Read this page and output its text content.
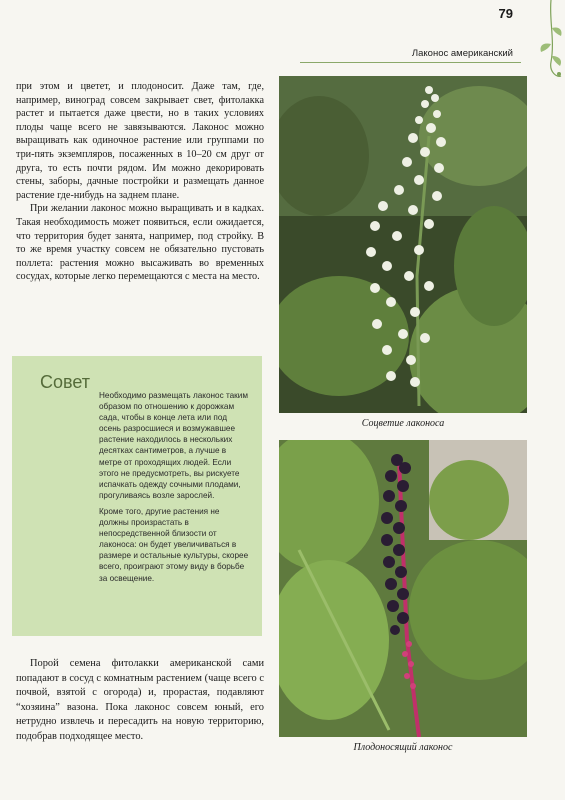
79
Лаконос американский

при этом и цветет, и плодоносит. Даже там, где, например, виноград совсем закрывает свет, фитолакка растет и пытается даже цвести, но в таких условиях плоды чаще всего не завязываются. Лаконос можно выращивать как одиночное растение или группами по три-пять экземпляров, посаженных в 10–20 см друг от друга, то есть почти рядом. Им можно декорировать стены, заборы, дачные постройки и размещать данное растение где-нибудь на заднем плане.

При желании лаконос можно выращивать и в кадках. Такая необходимость может появиться, если ожидается, что территория будет занята, например, под стройку. В то же время участку совсем не обязательно пустовать поллета: растения можно высаживать во временных сосудах, которые легко перемещаются с места на место.

Совет

Необходимо размещать лаконос таким образом по отношению к дорожкам сада, чтобы в конце лета или под осень разросшиеся и возмужавшее растение находилось в нескольких десятках сантиметров, а лучше в метре от проходящих людей. Если этого не предусмотреть, вы рискуете испачкать одежду сочными плодами, прогуливаясь возле зарослей.

Кроме того, другие растения не должны произрастать в непосредственной близости от лаконоса: он будет увеличиваться в размере и остальные культуры, скорее всего, проиграют этому виду в борьбе за освещение.

Порой семена фитолакки американской сами попадают в сосуд с комнатным растением (чаще всего с почвой, взятой с огорода) и, прорастая, подавляют “хозяина” вазона. Пока лаконос совсем юный, его нетрудно извлечь и пересадить на новую территорию, подобрав подходящее место.

Соцветие лаконоса
Плодоносящий лаконос
